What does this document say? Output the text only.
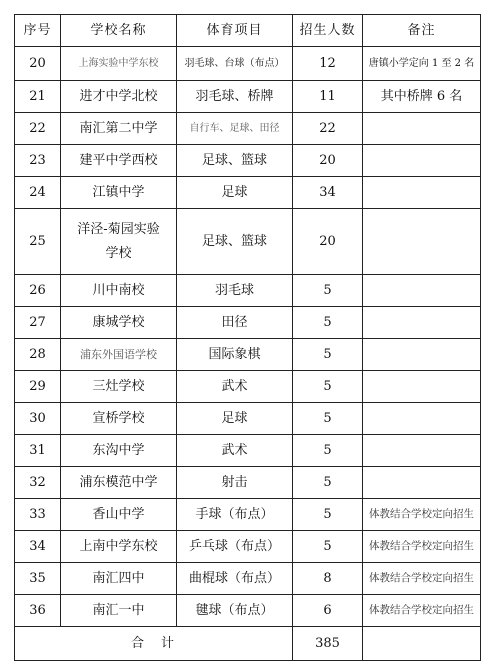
序号	学校名称	体育项目	招生人数	备注
20	上海实验中学东校	羽毛球、台球（布点）	12	唐镇小学定向 1 至 2 名
21	进才中学北校	羽毛球、桥牌	11	其中桥牌 6 名
22	南汇第二中学	自行车、足球、田径	22	
23	建平中学西校	足球、篮球	20	
24	江镇中学	足球	34	
25	洋泾-菊园实验学校	足球、篮球	20	
26	川中南校	羽毛球	5	
27	康城学校	田径	5	
28	浦东外国语学校	国际象棋	5	
29	三灶学校	武术	5	
30	宣桥学校	足球	5	
31	东沟中学	武术	5	
32	浦东模范中学	射击	5	
33	香山中学	手球（布点）	5	体教结合学校定向招生
34	上南中学东校	乒乓球（布点）	5	体教结合学校定向招生
35	南汇四中	曲棍球（布点）	8	体教结合学校定向招生
36	南汇一中	毽球（布点）	6	体教结合学校定向招生
合　计			385	
